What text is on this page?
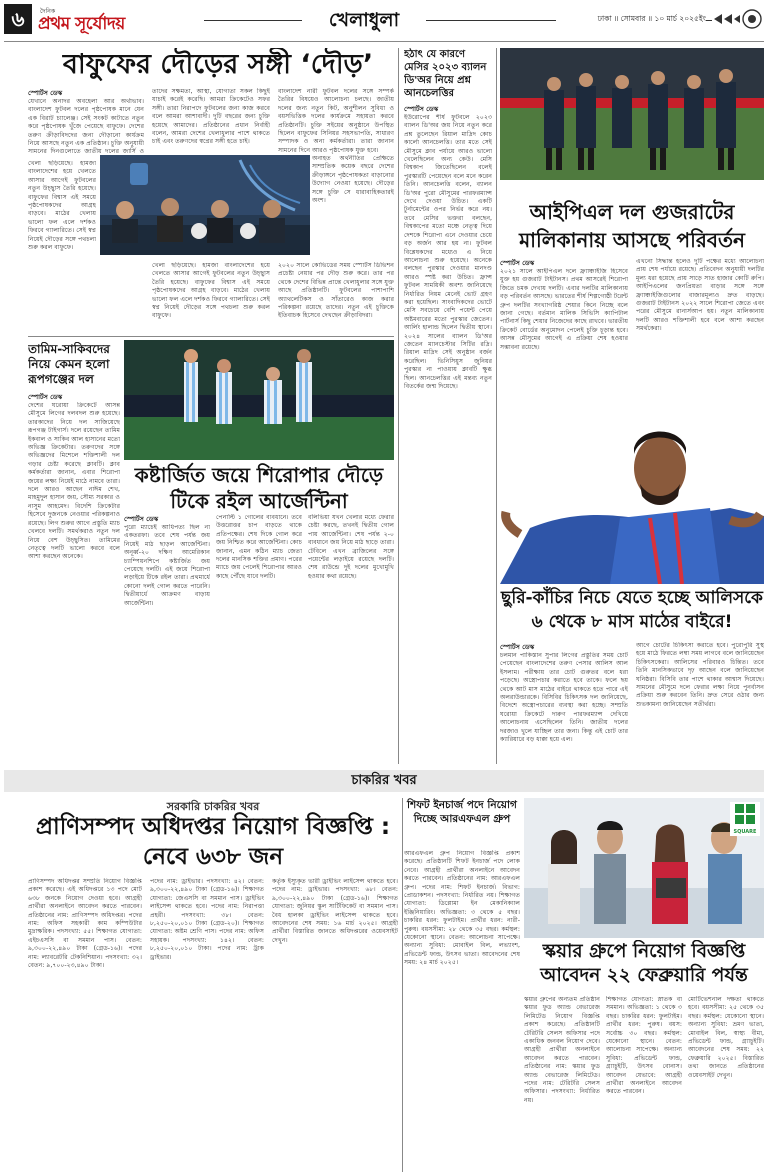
৬	দৈনিক
প্রথম সূর্যোদয়	খেলাধুলা	ঢাকা ॥ সোমবার ॥ ১০ মার্চ ২০২৫ইং
বাফুফের দৌড়ের সঙ্গী ‘দৌড়’
স্পোর্টস ডেস্ক
যেখানে অনাদর অবহেলা আর অর্থাভাব। বাংলাদেশ ফুটবল দলের পৃষ্ঠপোষক মানে যেন এক বিরাট চ্যালেঞ্জ। সেই সংকট কাটাতে নতুন করে পৃষ্ঠপোষক খুঁজে পেয়েছে বাফুফে। দেশের তরুণ ক্রীড়াবিদদের জন্য দৌড়ানো কার্যক্রম নিয়ে আসছে নতুন এক প্রতিষ্ঠান। চুক্তি অনুযায়ী সামনের দিনগুলোতে জাতীয় দলের জার্সি ও
তাদের সক্ষমতা, আস্থা, যোগ্যতা সকল কিছুই যাচাই করেই করেছি। আমরা ক্রিকেটেও সফর সঙ্গী। তারা নিরাপদে ফুটবলের জন্য কাজ করবে বলে আমরা আশাবাদী। দুটি বছরের জন্য চুক্তি হয়েছে আমাদের। প্রতিষ্ঠানের প্রধান নির্বাহী বলেন, আমরা দেশের খেলাধুলার পাশে থাকতে চাই এবং তরুণদের স্বপ্নের সঙ্গী হতে চাই।
বাংলাদেশ নারী ফুটবল দলের সঙ্গে সম্পর্ক তৈরির বিষয়েও আলোচনা চলছে। জাতীয় দলের জন্য নতুন কিট, অনুশীলন সুবিধা ও বয়সভিত্তিক দলের কার্যক্রমে সহায়তা করবে প্রতিষ্ঠানটি। চুক্তি সইয়ের অনুষ্ঠানে উপস্থিত ছিলেন বাফুফের সিনিয়র সহসভাপতি, সাধারণ সম্পাদক ও অন্য কর্মকর্তারা। তারা জানান সামনের দিনে আরও পৃষ্ঠপোষক যুক্ত হবে।
অনাহত অর্থনীতির প্রেক্ষিতে সাম্প্রতিক কয়েক বছরে দেশের ক্রীড়াঙ্গনে পৃষ্ঠপোষকতা বাড়ানোর উদ্যোগ নেওয়া হয়েছে। দৌড়ের সঙ্গে চুক্তি সে ধারাবাহিকতারই অংশ।
খেলা ছড়িয়েছে। হামজা বাংলাদেশের হয়ে খেলতে আসার আগেই ফুটবলের নতুন উচ্ছ্বাস তৈরি হয়েছে। বাফুফের বিশ্বাস এই সময়ে পৃষ্ঠপোষকদের আগ্রহ বাড়বে। মাঠের খেলায় ভালো ফল এলে দর্শকও ফিরবে গ্যালারিতে। সেই স্বপ্ন নিয়েই দৌড়ের সঙ্গে পথচলা শুরু করল বাফুফে।
খেলা ছড়িয়েছে। হামজা বাংলাদেশের হয়ে খেলতে আসার আগেই ফুটবলের নতুন উচ্ছ্বাস তৈরি হয়েছে। বাফুফের বিশ্বাস এই সময়ে পৃষ্ঠপোষকদের আগ্রহ বাড়বে। মাঠের খেলায় ভালো ফল এলে দর্শকও ফিরবে গ্যালারিতে। সেই স্বপ্ন নিয়েই দৌড়ের সঙ্গে পথচলা শুরু করল বাফুফে।
২০২০ সালে কোভিডের সময় স্পোর্টস ডিভিশন প্রচেষ্টা নেয়ার পর দৌড় শুরু করে। তার পর থেকে দেশের বিভিন্ন প্রান্তে খেলাধুলার সঙ্গে যুক্ত আছে প্রতিষ্ঠানটি। ফুটবলের পাশাপাশি অ্যাথলেটিকস ও সাঁতারেও কাজ করার পরিকল্পনা রয়েছে তাদের। নতুন এই চুক্তিকে ইতিবাচক হিসেবে দেখছেন ক্রীড়াবিদরা।
তামিম-সাকিবদের নিয়ে কেমন হলো রূপগঞ্জের দল
স্পোর্টস ডেস্ক
দেশের ঘরোয়া ক্রিকেটে আসন্ন মৌসুমে লিগের দলবদল শুরু হয়েছে। তারকাদের নিয়ে দল সাজিয়েছে রূপগঞ্জ টাইগার্স। দলে রয়েছেন তামিম ইকবাল ও সাকিব আল হাসানের মতো অভিজ্ঞ ক্রিকেটার। তরুণদের সঙ্গে অভিজ্ঞদের মিশেলে শক্তিশালী দল গড়ার চেষ্টা করেছে ক্লাবটি। ক্লাব কর্মকর্তারা জানান, এবার শিরোপা জয়ের লক্ষ্য নিয়েই মাঠে নামবে তারা। দলে আরও আছেন নাঈম শেখ, মাহমুদুল হাসান জয়, সৌম্য সরকার ও নাসুম আহমেদ। বিদেশি ক্রিকেটার হিসেবে দুজনকে নেওয়ার পরিকল্পনাও রয়েছে। লিগ শুরুর আগে প্রস্তুতি ম্যাচ খেলবে দলটি। সমর্থকরাও নতুন দল নিয়ে বেশ উচ্ছ্বসিত। তামিমের নেতৃত্বে দলটি ভালো করবে বলে আশা করছেন অনেকে।
কষ্টার্জিত জয়ে শিরোপার দৌড়ে টিকে রইল আর্জেন্টিনা
স্পোর্টস ডেস্ক
পুরো ম্যাচেই আধিপত্য ছিল না একতরফা। তবে শেষ পর্যন্ত জয় নিয়েই মাঠ ছাড়ল আর্জেন্টিনা। অনূর্ধ্ব-২০ দক্ষিণ আমেরিকান চ্যাম্পিয়নশিপে কষ্টার্জিত জয় পেয়েছে দলটি। এই জয়ে শিরোপা লড়াইয়ে টিকে রইল তারা। প্রথমার্ধে কোনো দলই গোল করতে পারেনি। দ্বিতীয়ার্ধে আক্রমণ বাড়ায় আর্জেন্টিনা।
পেনাল্টি ১ গোলের ব্যবধানে। তবে উত্তরোত্তর চাপ বাড়তে থাকে প্রতিপক্ষের। শেষ দিকে গোল করে জয় নিশ্চিত করে আর্জেন্টিনা। কোচ জানান, এমন কঠিন ম্যাচ জেতা দলের মানসিক শক্তির প্রমাণ। পরের ম্যাচে জয় পেলেই শিরোপার আরও কাছে পৌঁছে যাবে দলটি।
বলিভিয়া যখন খেলার মধ্যে ফেরার চেষ্টা করছে, তখনই দ্বিতীয় গোল পায় আর্জেন্টিনা। শেষ পর্যন্ত ২-০ ব্যবধানে জয় নিয়ে মাঠ ছাড়ে তারা। টেবিলে এখন ব্রাজিলের সঙ্গে পয়েন্টের লড়াইয়ে রয়েছে দলটি। শেষ রাউন্ডে দুই দলের মুখোমুখি হওয়ার কথা রয়েছে।
হঠাৎ যে কারণে মেসির ২০২৩ ব্যালন ডি'অর নিয়ে প্রশ্ন আনচেলত্তির
স্পোর্টস ডেস্ক
ইউরোপের শীর্ষ ফুটবলে ২০২৩ ব্যালন ডি'অর জয় নিয়ে নতুন করে প্রশ্ন তুলেছেন রিয়াল মাদ্রিদ কোচ কার্লো আনচেলত্তি। তার মতে সেই মৌসুমে ক্লাব পর্যায়ে আরও ভালো খেলেছিলেন অন্য কেউ। মেসি বিশ্বকাপ জিতেছিলেন বলেই পুরস্কারটি পেয়েছেন বলে মনে করেন তিনি। আনচেলত্তি বলেন, ব্যালন ডি'অর পুরো মৌসুমের পারফরম্যান্স দেখে দেওয়া উচিত। একটি টুর্নামেন্টের ওপর নির্ভর করে নয়। তবে মেসির ভক্তরা বলছেন, বিশ্বকাপের মতো মঞ্চে নেতৃত্ব দিয়ে দেশকে শিরোপা এনে দেওয়ার চেয়ে বড় অর্জন আর হয় না। ফুটবল বিশ্লেষকদের মধ্যেও এ নিয়ে আলোচনা শুরু হয়েছে। অনেকে বলছেন পুরস্কার দেওয়ার মানদণ্ড আরও স্পষ্ট করা উচিত। ফ্রান্স ফুটবল সাময়িকী অবশ্য জানিয়েছে নির্ধারিত নিয়ম মেনেই ভোট গ্রহণ করা হয়েছিল। সাংবাদিকদের ভোটে মেসি সবচেয়ে বেশি পয়েন্ট পেয়ে অষ্টমবারের মতো পুরস্কার জেতেন। আর্লিং হালান্ড ছিলেন দ্বিতীয় স্থানে। ২০২৪ সালের ব্যালন ডি'অর জেতেন ম্যানচেস্টার সিটির রদ্রি। রিয়াল মাদ্রিদ সেই অনুষ্ঠান বর্জন করেছিল। ভিনিসিয়ুস জুনিয়র পুরস্কার না পাওয়ায় ক্লাবটি ক্ষুব্ধ ছিল। আনচেলত্তির এই মন্তব্য নতুন বিতর্কের জন্ম দিয়েছে।
আইপিএল দল গুজরাটের মালিকানায় আসছে পরিবর্তন
স্পোর্টস ডেস্ক
২০২১ সালে আইপিএল দলে ফ্র্যাঞ্চাইজি হিসেবে যুক্ত হয় গুজরাট টাইটানস। প্রথম আসরেই শিরোপা জিতে চমক দেখায় দলটি। এবার দলটির মালিকানায় বড় পরিবর্তন আসছে। ভারতের শীর্ষ শিল্পগোষ্ঠী টরেন্ট গ্রুপ দলটির সংখ্যাগরিষ্ঠ শেয়ার কিনে নিচ্ছে বলে জানা গেছে। বর্তমান মালিক সিভিসি ক্যাপিটাল পার্টনার্স কিছু শেয়ার নিজেদের কাছে রাখবে। ভারতীয় ক্রিকেট বোর্ডের অনুমোদন পেলেই চুক্তি চূড়ান্ত হবে। আসন্ন মৌসুমের আগেই এ প্রক্রিয়া শেষ হওয়ার সম্ভাবনা রয়েছে।
এখনো সিদ্ধান্ত হলেও দুটি পক্ষের মধ্যে আলোচনা প্রায় শেষ পর্যায়ে রয়েছে। প্রতিবেদন অনুযায়ী দলটির মূল্য ধরা হয়েছে প্রায় সাড়ে সাত হাজার কোটি রুপি। আইপিএলের জনপ্রিয়তা বাড়ার সঙ্গে সঙ্গে ফ্র্যাঞ্চাইজিগুলোর বাজারমূল্যও দ্রুত বাড়ছে। গুজরাট টাইটানস ২০২২ সালে শিরোপা জেতে এবং পরের মৌসুমে রানার্সআপ হয়। নতুন মালিকানায় দলটি আরও শক্তিশালী হবে বলে আশা করছেন সমর্থকেরা।
ছুরি-কাঁচির নিচে যেতে হচ্ছে আলিসকে ৬ থেকে ৮ মাস মাঠের বাইরে!
স্পোর্টস ডেস্ক
চলমান পাকিস্তান সুপার লিগের প্রস্তুতির সময় চোট পেয়েছেন বাংলাদেশের তরুণ পেসার আলিস আল ইসলাম। পরীক্ষায় তার চোট গুরুতর বলে ধরা পড়েছে। অস্ত্রোপচার করাতে হবে তাকে। ফলে ছয় থেকে আট মাস মাঠের বাইরে থাকতে হতে পারে এই অলরাউন্ডারকে। বিসিবির চিকিৎসক দল জানিয়েছে, বিদেশে অস্ত্রোপচারের ব্যবস্থা করা হচ্ছে। সম্প্রতি ঘরোয়া ক্রিকেটে দারুণ পারফরম্যান্স দেখিয়ে আলোচনায় এসেছিলেন তিনি। জাতীয় দলের দরজাও খুলে যাচ্ছিল তার জন্য। কিন্তু এই চোট তার ক্যারিয়ারে বড় ধাক্কা হয়ে এল।
আগে চোটের চিকিৎসা করাতে হবে। পুরোপুরি সুস্থ হয়ে মাঠে ফিরতে লম্বা সময় লাগবে বলে জানিয়েছেন চিকিৎসকেরা। আলিসের পরিবারও চিন্তিত। তবে তিনি মানসিকভাবে দৃঢ় আছেন বলে জানিয়েছেন ঘনিষ্ঠরা। বিসিবি তার পাশে থাকার আশ্বাস দিয়েছে। সামনের মৌসুমে দলে ফেরার লক্ষ্য নিয়ে পুনর্বাসন প্রক্রিয়া শুরু করবেন তিনি। দ্রুত সেরে ওঠার জন্য শুভকামনা জানিয়েছেন সতীর্থরা।
চাকরির খবর
সরকারি চাকরির খবর
প্রাণিসম্পদ অধিদপ্তর নিয়োগ বিজ্ঞপ্তি : নেবে ৬৩৮ জন
প্রাণিসম্পদ অধিদপ্তর সম্প্রতি নিয়োগ বিজ্ঞপ্তি প্রকাশ করেছে। এই অধিদপ্তরে ১৩ পদে মোট ৬৩৮ জনকে নিয়োগ দেওয়া হবে। আগ্রহী প্রার্থীরা অনলাইনে আবেদন করতে পারবেন। প্রতিষ্ঠানের নাম: প্রাণিসম্পদ অধিদপ্তর। পদের নাম: অফিস সহকারী কাম কম্পিউটার মুদ্রাক্ষরিক। পদসংখ্যা: ৫৫। শিক্ষাগত যোগ্যতা: এইচএসসি বা সমমান পাস। বেতন: ৯,৩০০-২২,৪৯০ টাকা (গ্রেড-১৬)। পদের নাম: ল্যাবরেটরি টেকনিশিয়ান। পদসংখ্যা: ৩২। বেতন: ৯,৭০০-২৩,৪৯০ টাকা।
পদের নাম: ড্রাইভার। পদসংখ্যা: ৪২। বেতন: ৯,৩০০-২২,৪৯০ টাকা (গ্রেড-১৬)। শিক্ষাগত যোগ্যতা: জেএসসি বা সমমান পাস। ড্রাইভিং লাইসেন্স থাকতে হবে। পদের নাম: নিরাপত্তা প্রহরী। পদসংখ্যা: ৩৮। বেতন: ৮,২৫০-২০,০১০ টাকা (গ্রেড-২০)। শিক্ষাগত যোগ্যতা: অষ্টম শ্রেণি পাস। পদের নাম: অফিস সহায়ক। পদসংখ্যা: ১৪২। বেতন: ৮,২৫০-২০,০১০ টাকা। পদের নাম: ট্রাক ড্রাইভার।
কর্তৃক ইস্যুকৃত ভারী ড্রাইভিং লাইসেন্স থাকতে হবে। পদের নাম: ড্রাইভার। পদসংখ্যা: ৬৮। বেতন: ৯,৩০০-২২,৪৯০ টাকা (গ্রেড-১৬)। শিক্ষাগত যোগ্যতা: জুনিয়র স্কুল সার্টিফিকেট বা সমমান পাস। বৈধ হালকা ড্রাইভিং লাইসেন্স থাকতে হবে। আবেদনের শেষ সময়: ১৬ মার্চ ২০২৫। আগ্রহী প্রার্থীরা বিস্তারিত জানতে অধিদপ্তরের ওয়েবসাইট দেখুন।
শিফট ইনচার্জ পদে নিয়োগ দিচ্ছে আরএফএল গ্রুপ
আরএফএল গ্রুপ নিয়োগ বিজ্ঞপ্তি প্রকাশ করেছে। প্রতিষ্ঠানটি শিফট ইনচার্জ পদে লোক নেবে। আগ্রহী প্রার্থীরা অনলাইনে আবেদন করতে পারবেন। প্রতিষ্ঠানের নাম: আরএফএল গ্রুপ। পদের নাম: শিফট ইনচার্জ। বিভাগ: প্রোডাকশন। পদসংখ্যা: নির্ধারিত নয়। শিক্ষাগত যোগ্যতা: ডিপ্লোমা ইন মেকানিক্যাল ইঞ্জিনিয়ারিং। অভিজ্ঞতা: ৩ থেকে ৫ বছর। চাকরির ধরন: ফুলটাইম। প্রার্থীর ধরন: নারী-পুরুষ। বয়সসীমা: ২৮ থেকে ৩৫ বছর। কর্মস্থল: যেকোনো স্থানে। বেতন: আলোচনা সাপেক্ষে। অন্যান্য সুবিধা: মোবাইল বিল, লভ্যাংশ, প্রভিডেন্ট ফান্ড, উৎসব ভাতা। আবেদনের শেষ সময়: ২৪ মার্চ ২০২৫।
SQUARE
স্কয়ার গ্রুপে নিয়োগ বিজ্ঞপ্তি আবেদন ২২ ফেব্রুয়ারি পর্যন্ত
স্কয়ার গ্রুপের অন্যতম প্রতিষ্ঠান স্কয়ার ফুড অ্যান্ড বেভারেজ লিমিটেড নিয়োগ বিজ্ঞপ্তি প্রকাশ করেছে। প্রতিষ্ঠানটি টেরিটরি সেলস অফিসার পদে একাধিক জনবল নিয়োগ দেবে। আগ্রহী প্রার্থীরা অনলাইনে আবেদন করতে পারবেন। প্রতিষ্ঠানের নাম: স্কয়ার ফুড অ্যান্ড বেভারেজ লিমিটেড। পদের নাম: টেরিটরি সেলস অফিসার। পদসংখ্যা: নির্ধারিত নয়।
শিক্ষাগত যোগ্যতা: স্নাতক বা সমমান। অভিজ্ঞতা: ১ থেকে ৩ বছর। চাকরির ধরন: ফুলটাইম। প্রার্থীর ধরন: পুরুষ। বয়স: সর্বোচ্চ ৩০ বছর। কর্মস্থল: যেকোনো স্থানে। বেতন: আলোচনা সাপেক্ষে। অন্যান্য সুবিধা: প্রভিডেন্ট ফান্ড, গ্র্যাচুইটি, উৎসব বোনাস। আবেদন যেভাবে: আগ্রহী প্রার্থীরা অনলাইনে আবেদন করতে পারবেন।
মোটিভেশনাল দক্ষতা থাকতে হবে। বয়সসীমা: ২৫ থেকে ৩৫ বছর। কর্মস্থল: যেকোনো স্থানে। অন্যান্য সুবিধা: ভ্রমণ ভাতা, মোবাইল বিল, স্বাস্থ্য বীমা, প্রভিডেন্ট ফান্ড, গ্র্যাচুইটি। আবেদনের শেষ সময়: ২২ ফেব্রুয়ারি ২০২৫। বিস্তারিত তথ্য জানতে প্রতিষ্ঠানের ওয়েবসাইট দেখুন।
